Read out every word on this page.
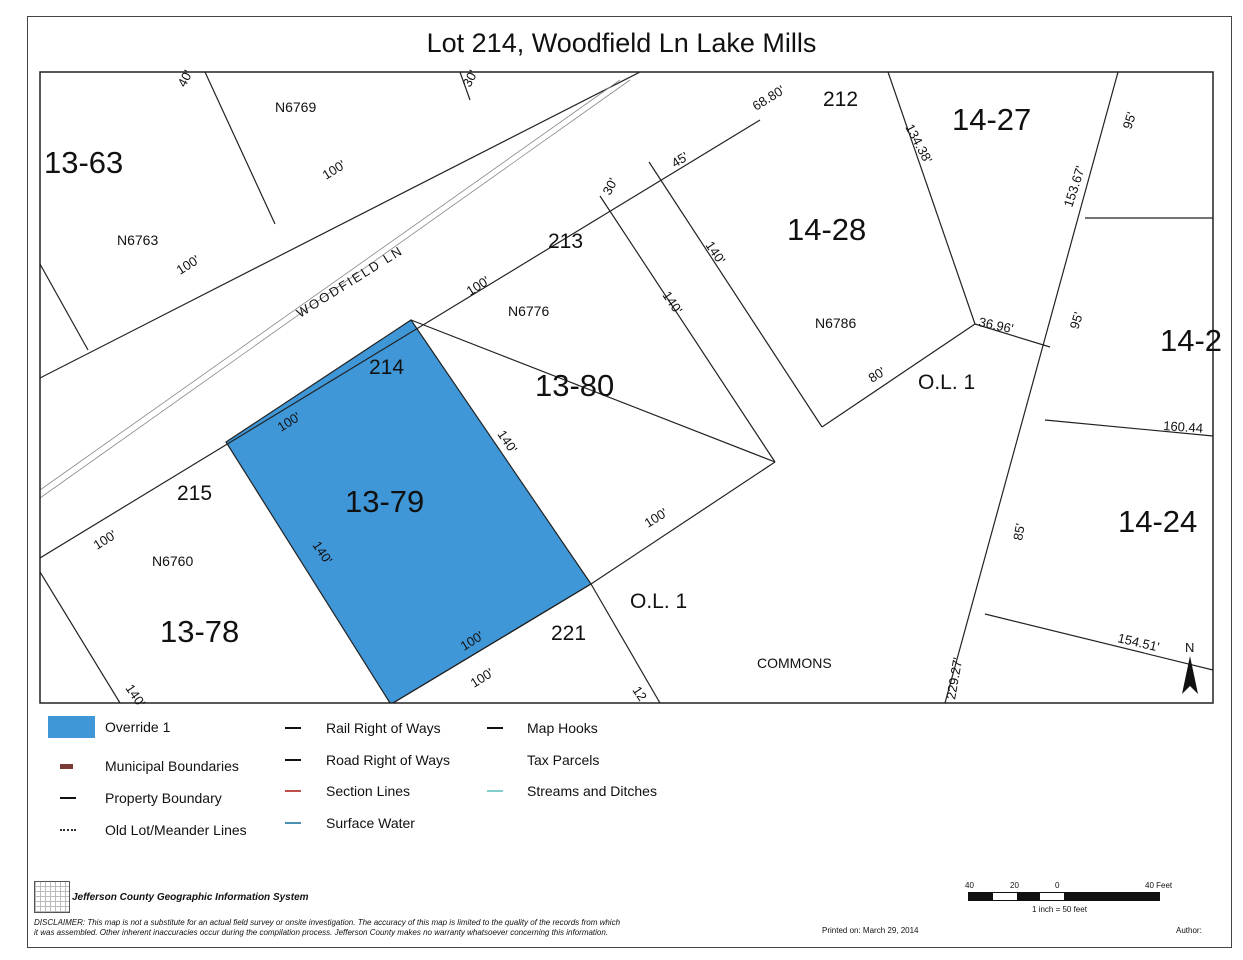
Lot 214, Woodfield Ln Lake Mills
N
13-63
13-80
13-79
13-78
14-28
14-27
14-24
14-2
212
213
214
215
221
O.L. 1
O.L. 1
COMMONS
N6769
N6763
N6776
N6786
N6760
WOODFIELD LN
40'	30'
100'
100'
68.80'
45'
30'
140'
100'
140'
134.38'
153.67'
95'
36.96'	95'
80'
100'
140'
100'
100'	140'
100'
100'
140'	12
160.44
85'
154.51'
229.27'
Override 1
Municipal Boundaries
Property Boundary
Old Lot/Meander Lines
Rail Right of Ways
Road Right of Ways
Section Lines
Surface Water
Map Hooks
Tax Parcels
Streams and Ditches
Jefferson County Geographic Information System
DISCLAIMER: This map is not a substitute for an actual field survey or onsite investigation. The accuracy of this map is limited to the quality of the records from which
it was assembled. Other inherent inaccuracies occur during the compilation process. Jefferson County makes no warranty whatsoever concerning this information.	Printed on: March 29, 2014	Author:
40	20	0	40 Feet
1 inch = 50 feet
